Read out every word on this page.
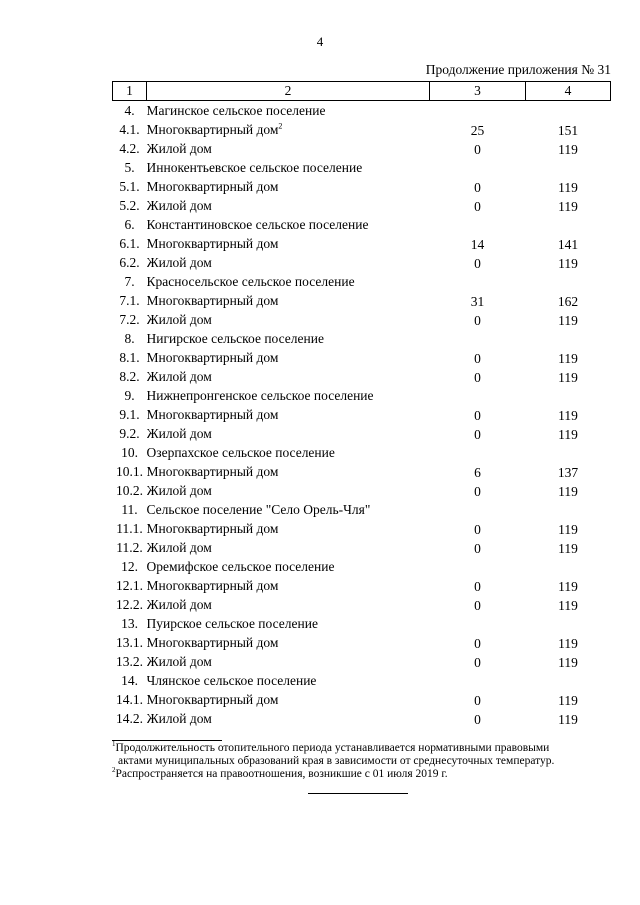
4
Продолжение приложения № 31
1	2	3	4
4.	Магинское сельское поселение		
4.1.	Многоквартирный дом$^2$	25	151
4.2.	Жилой дом	0	119
5.	Иннокентьевское сельское поселение		
5.1.	Многоквартирный дом	0	119
5.2.	Жилой дом	0	119
6.	Константиновское сельское поселение		
6.1.	Многоквартирный дом	14	141
6.2.	Жилой дом	0	119
7.	Красносельское сельское поселение		
7.1.	Многоквартирный дом	31	162
7.2.	Жилой дом	0	119
8.	Нигирское сельское поселение		
8.1.	Многоквартирный дом	0	119
8.2.	Жилой дом	0	119
9.	Нижнепронгенское сельское поселение		
9.1.	Многоквартирный дом	0	119
9.2.	Жилой дом	0	119
10.	Озерпахское сельское поселение		
10.1.	Многоквартирный дом	6	137
10.2.	Жилой дом	0	119
11.	Сельское поселение "Село Орель-Чля"		
11.1.	Многоквартирный дом	0	119
11.2.	Жилой дом	0	119
12.	Оремифское сельское поселение		
12.1.	Многоквартирный дом	0	119
12.2.	Жилой дом	0	119
13.	Пуирское сельское поселение		
13.1.	Многоквартирный дом	0	119
13.2.	Жилой дом	0	119
14.	Члянское сельское поселение		
14.1.	Многоквартирный дом	0	119
14.2.	Жилой дом	0	119
$^1$Продолжительность отопительного периода устанавливается нормативными правовыми
актами муниципальных образований края в зависимости от среднесуточных температур.
$^2$Распространяется на правоотношения, возникшие с 01 июля 2019 г.
